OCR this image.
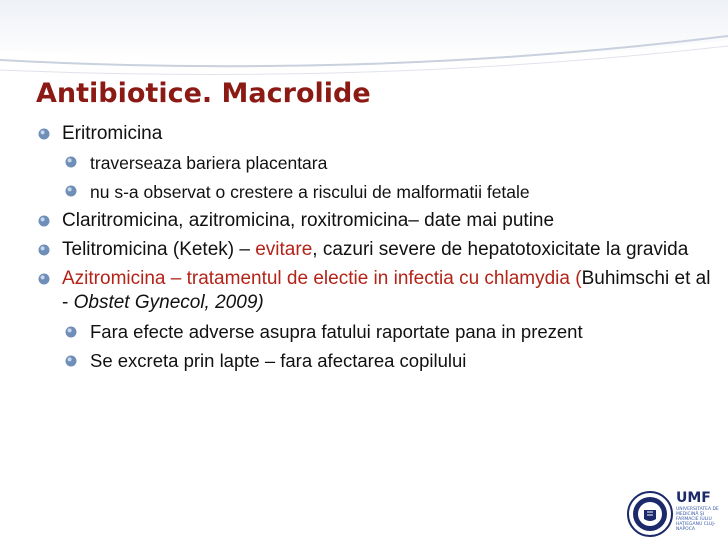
Antibiotice. Macrolide
Eritromicina
traverseaza bariera placentara
nu s-a observat o crestere a riscului de malformatii fetale
Claritromicina, azitromicina, roxitromicina– date mai putine
Telitromicina (Ketek) – evitare, cazuri severe de hepatotoxicitate la gravida
Azitromicina – tratamentul de electie in infectia cu chlamydia (Buhimschi et al - Obstet Gynecol, 2009)
Fara efecte adverse asupra fatului raportate pana in prezent
Se excreta prin lapte – fara afectarea copilului
UMF
UNIVERSITATEA DE MEDICINĂ ŞI FARMACIE IULIU HAŢIEGANU CLUJ-NAPOCA
